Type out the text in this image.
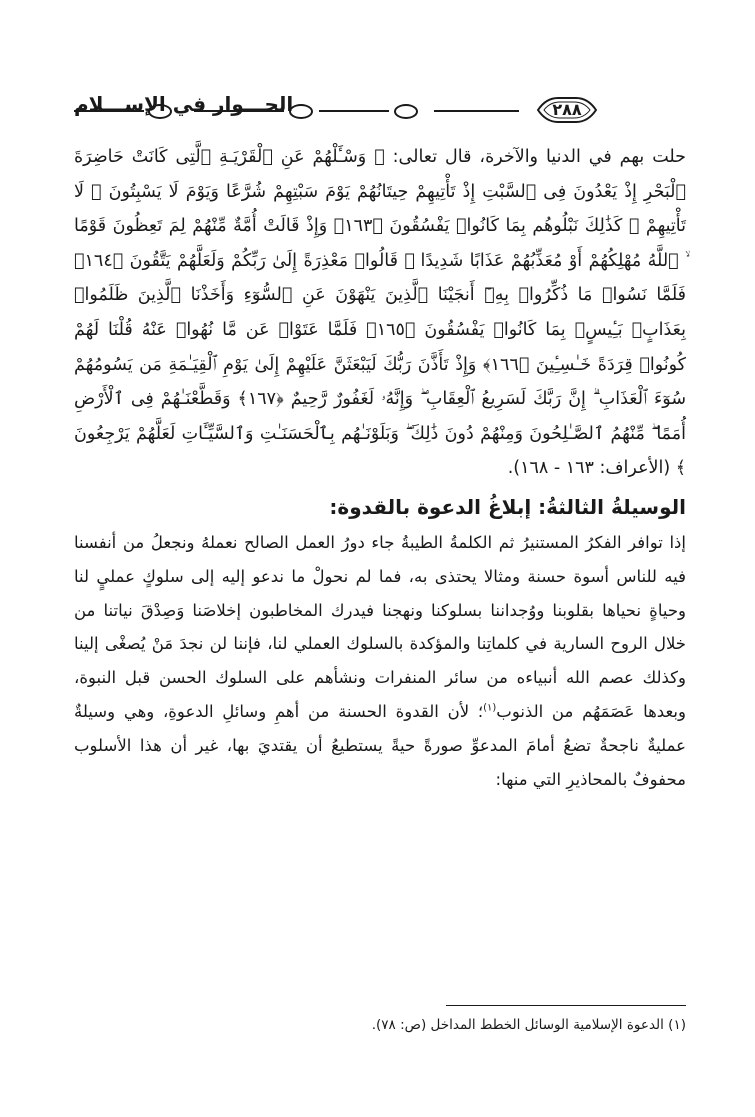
٢٨٨
الحـــوار في الإســـلام

حلت بهم في الدنيا والآخرة، قال تعالى: ﴿ وَسْـَٔلْهُمْ عَنِ ٱلْقَرْيَـةِ ٱلَّتِى كَانَتْ حَاضِرَةَ ٱلْبَحْرِ إِذْ يَعْدُونَ فِى ٱلسَّبْتِ إِذْ تَأْتِيهِمْ حِيتَانُهُمْ يَوْمَ سَبْتِهِمْ شُرَّعًا وَيَوْمَ لَا يَسْبِتُونَ ۙ لَا تَأْتِيهِمْ ۚ كَذَٰلِكَ نَبْلُوهُم بِمَا كَانُوا۟ يَفْسُقُونَ ﴿١٦٣﴾ وَإِذْ قَالَتْ أُمَّةٌ مِّنْهُمْ لِمَ تَعِظُونَ قَوْمًا ۙ ٱللَّهُ مُهْلِكُهُمْ أَوْ مُعَذِّبُهُمْ عَذَابًا شَدِيدًا ۖ قَالُوا۟ مَعْذِرَةً إِلَىٰ رَبِّكُمْ وَلَعَلَّهُمْ يَتَّقُونَ ﴿١٦٤﴾ فَلَمَّا نَسُوا۟ مَا ذُكِّرُوا۟ بِهِۦٓ أَنجَيْنَا ٱلَّذِينَ يَنْهَوْنَ عَنِ ٱلسُّوٓءِ وَأَخَذْنَا ٱلَّذِينَ ظَلَمُوا۟ بِعَذَابٍۭ بَـِٔيسٍۭ بِمَا كَانُوا۟ يَفْسُقُونَ ﴿١٦٥﴾ فَلَمَّا عَتَوْا۟ عَن مَّا نُهُوا۟ عَنْهُ قُلْنَا لَهُمْ كُونُوا۟ قِرَدَةً خَـٰسِـِٔينَ ﴿١٦٦﴾ وَإِذْ تَأَذَّنَ رَبُّكَ لَيَبْعَثَنَّ عَلَيْهِمْ إِلَىٰ يَوْمِ ٱلْقِيَـٰمَةِ مَن يَسُومُهُمْ سُوٓءَ ٱلْعَذَابِ ۗ إِنَّ رَبَّكَ لَسَرِيعُ ٱلْعِقَابِ ۖ وَإِنَّهُۥ لَغَفُورٌ رَّحِيمٌ ﴿١٦٧﴾ وَقَطَّعْنَـٰهُمْ فِى ٱلْأَرْضِ أُمَمًا ۖ مِّنْهُمُ ٱلصَّـٰلِحُونَ وَمِنْهُمْ دُونَ ذَٰلِكَ ۖ وَبَلَوْنَـٰهُم بِٱلْحَسَنَـٰتِ وَٱلسَّيِّـَٔاتِ لَعَلَّهُمْ يَرْجِعُونَ ﴾ (الأعراف: ١٦٣ - ١٦٨).

الوسيلةُ الثالثةُ: إبلاغُ الدعوة بالقدوة:

إذا توافر الفكرُ المستنيرُ ثم الكلمةُ الطيبةُ جاء دورُ العمل الصالح نعملهُ ونجعلُ من أنفسنا فيه للناس أسوة حسنة ومثالا يحتذى به، فما لم نحولْ ما ندعو إليه إلى سلوكٍ عمليٍ لنا وحياةٍ نحياها بقلوبنا ووُجداننا بسلوكنا ونهجنا فيدرك المخاطبون إخلاصَنا وَصِدْقَ نياتنا من خلال الروح السارية في كلماتِنا والمؤكدة بالسلوك العملي لنا، فإننا لن نجدَ مَنْ يُصغْى إلينا وكذلك عصم الله أنبياءه من سائر المنفرات ونشأهم على السلوك الحسن قبل النبوة، وبعدها عَصَمَهُم من الذنوب$^{(١)}$؛ لأن القدوة الحسنة من أهمِ وسائلِ الدعوةِ، وهي وسيلةٌ عمليةٌ ناجحةٌ تضعُ أمامَ المدعوِّ صورةً حيةً يستطيعُ أن يقتديَ بها، غير أن هذا الأسلوب محفوفٌ بالمحاذيرِ التي منها:

(١) الدعوة الإسلامية الوسائل الخطط المداخل (ص: ٧٨).
